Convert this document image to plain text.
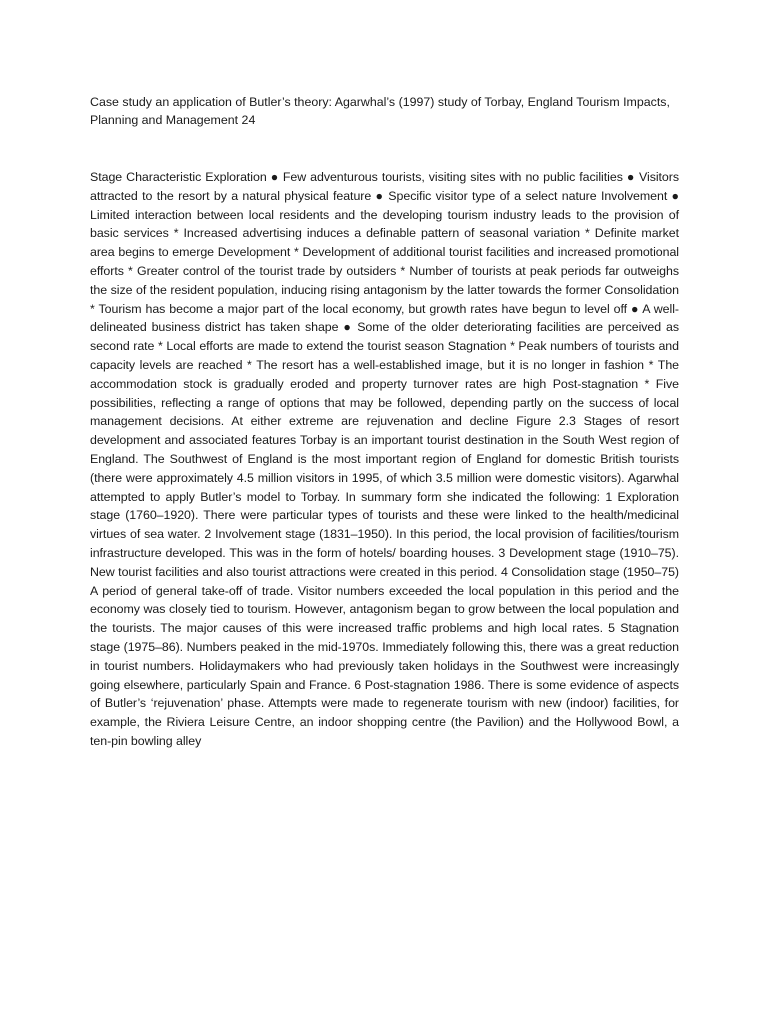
Case study an application of Butler’s theory: Agarwhal’s (1997) study of Torbay, England Tourism Impacts, Planning and Management 24

Stage Characteristic Exploration ● Few adventurous tourists, visiting sites with no public facilities ● Visitors attracted to the resort by a natural physical feature ● Specific visitor type of a select nature Involvement ● Limited interaction between local residents and the developing tourism industry leads to the provision of basic services * Increased advertising induces a definable pattern of seasonal variation * Definite market area begins to emerge Development * Development of additional tourist facilities and increased promotional efforts * Greater control of the tourist trade by outsiders * Number of tourists at peak periods far outweighs the size of the resident population, inducing rising antagonism by the latter towards the former Consolidation * Tourism has become a major part of the local economy, but growth rates have begun to level off ● A well-delineated business district has taken shape ● Some of the older deteriorating facilities are perceived as second rate * Local efforts are made to extend the tourist season Stagnation * Peak numbers of tourists and capacity levels are reached * The resort has a well-established image, but it is no longer in fashion * The accommodation stock is gradually eroded and property turnover rates are high Post-stagnation * Five possibilities, reflecting a range of options that may be followed, depending partly on the success of local management decisions. At either extreme are rejuvenation and decline Figure 2.3 Stages of resort development and associated features Torbay is an important tourist destination in the South West region of England. The Southwest of England is the most important region of England for domestic British tourists (there were approximately 4.5 million visitors in 1995, of which 3.5 million were domestic visitors). Agarwhal attempted to apply Butler’s model to Torbay. In summary form she indicated the following: 1 Exploration stage (1760–1920). There were particular types of tourists and these were linked to the health/medicinal virtues of sea water. 2 Involvement stage (1831–1950). In this period, the local provision of facilities/tourism infrastructure developed. This was in the form of hotels/ boarding houses. 3 Development stage (1910–75). New tourist facilities and also tourist attractions were created in this period. 4 Consolidation stage (1950–75) A period of general take-off of trade. Visitor numbers exceeded the local population in this period and the economy was closely tied to tourism. However, antagonism began to grow between the local population and the tourists. The major causes of this were increased traffic problems and high local rates. 5 Stagnation stage (1975–86). Numbers peaked in the mid-1970s. Immediately following this, there was a great reduction in tourist numbers. Holidaymakers who had previously taken holidays in the Southwest were increasingly going elsewhere, particularly Spain and France. 6 Post-stagnation 1986. There is some evidence of aspects of Butler’s ‘rejuvenation’ phase. Attempts were made to regenerate tourism with new (indoor) facilities, for example, the Riviera Leisure Centre, an indoor shopping centre (the Pavilion) and the Hollywood Bowl, a ten-pin bowling alley
